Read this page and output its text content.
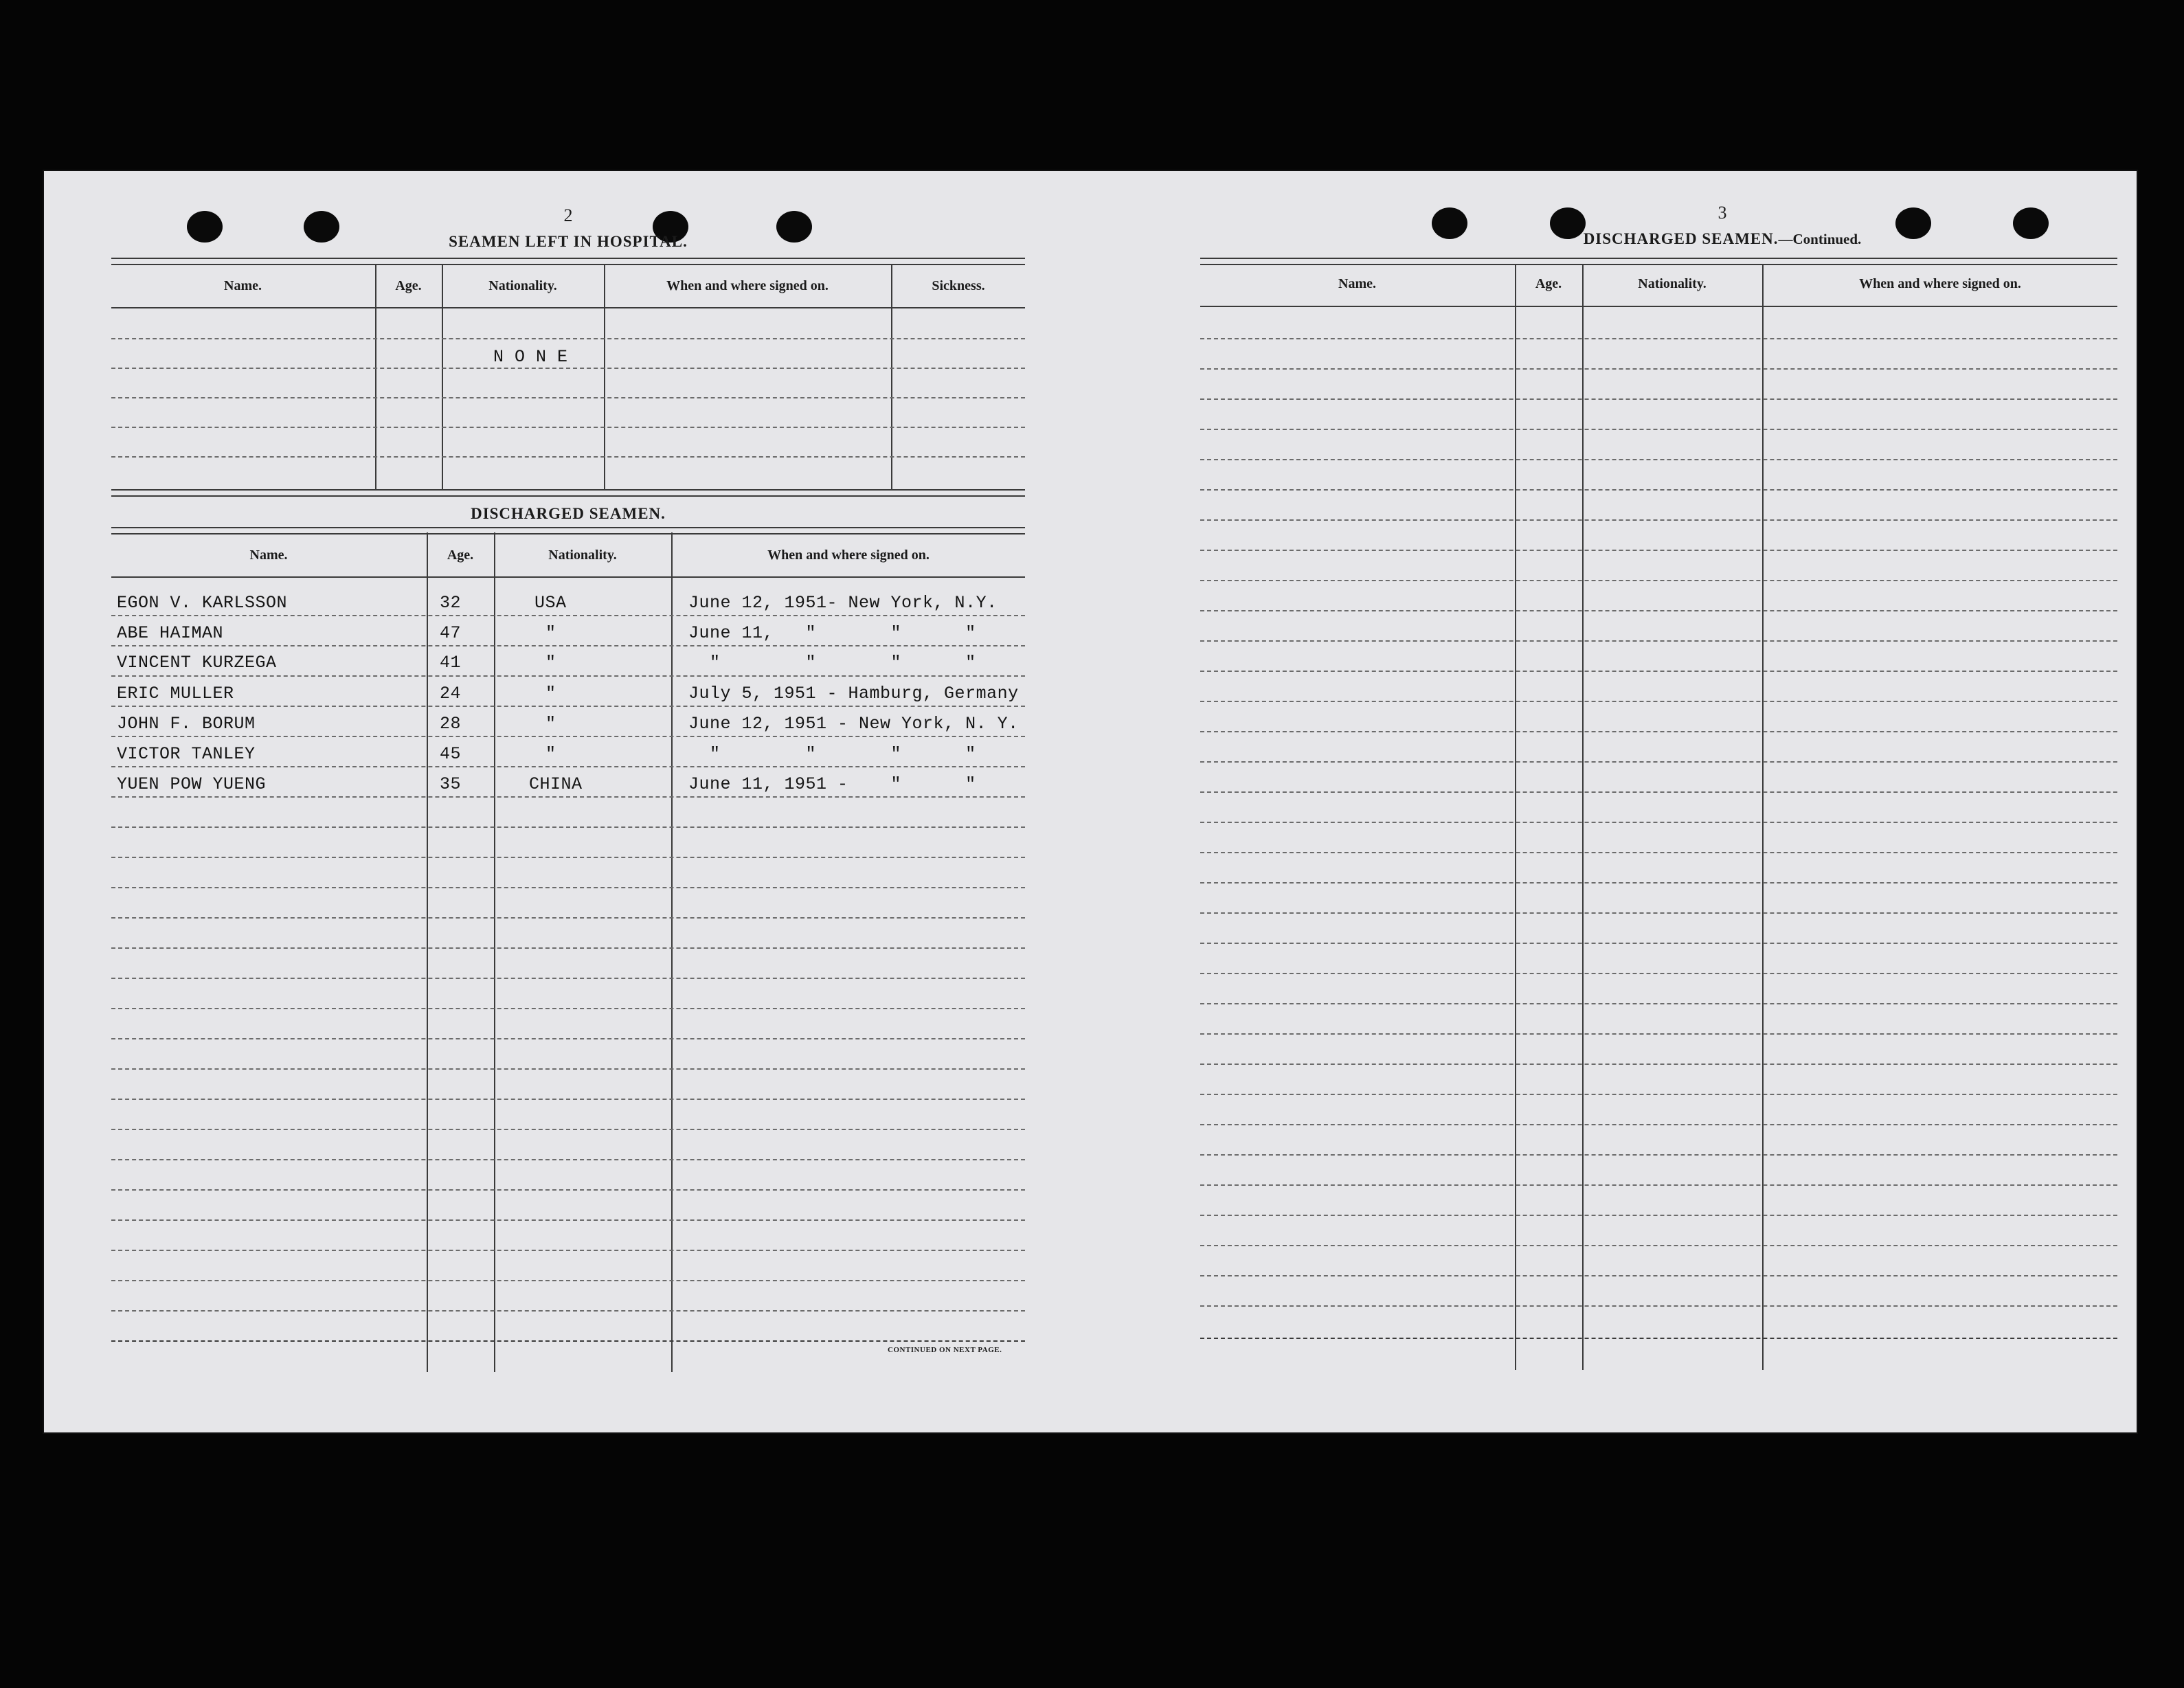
2
SEAMEN LEFT IN HOSPITAL.
Name.	Age.	Nationality.	When and where signed on.	Sickness.
N O N E
DISCHARGED SEAMEN.
Name.	Age.	Nationality.	When and where signed on.
EGON V. KARLSSON	32	USA	June 12, 1951- New York, N.Y.
ABE HAIMAN	47	"	June 11,   "       "      "
VINCENT KURZEGA	41	"	"        "       "      "
ERIC MULLER	24	"	July 5, 1951 - Hamburg, Germany
JOHN F. BORUM	28	"	June 12, 1951 - New York, N. Y.
VICTOR TANLEY	45	"	"        "       "      "
YUEN POW YUENG	35	CHINA	June 11, 1951 -    "      "
CONTINUED ON NEXT PAGE.
3
DISCHARGED SEAMEN.—Continued.
Name.	Age.	Nationality.	When and where signed on.
